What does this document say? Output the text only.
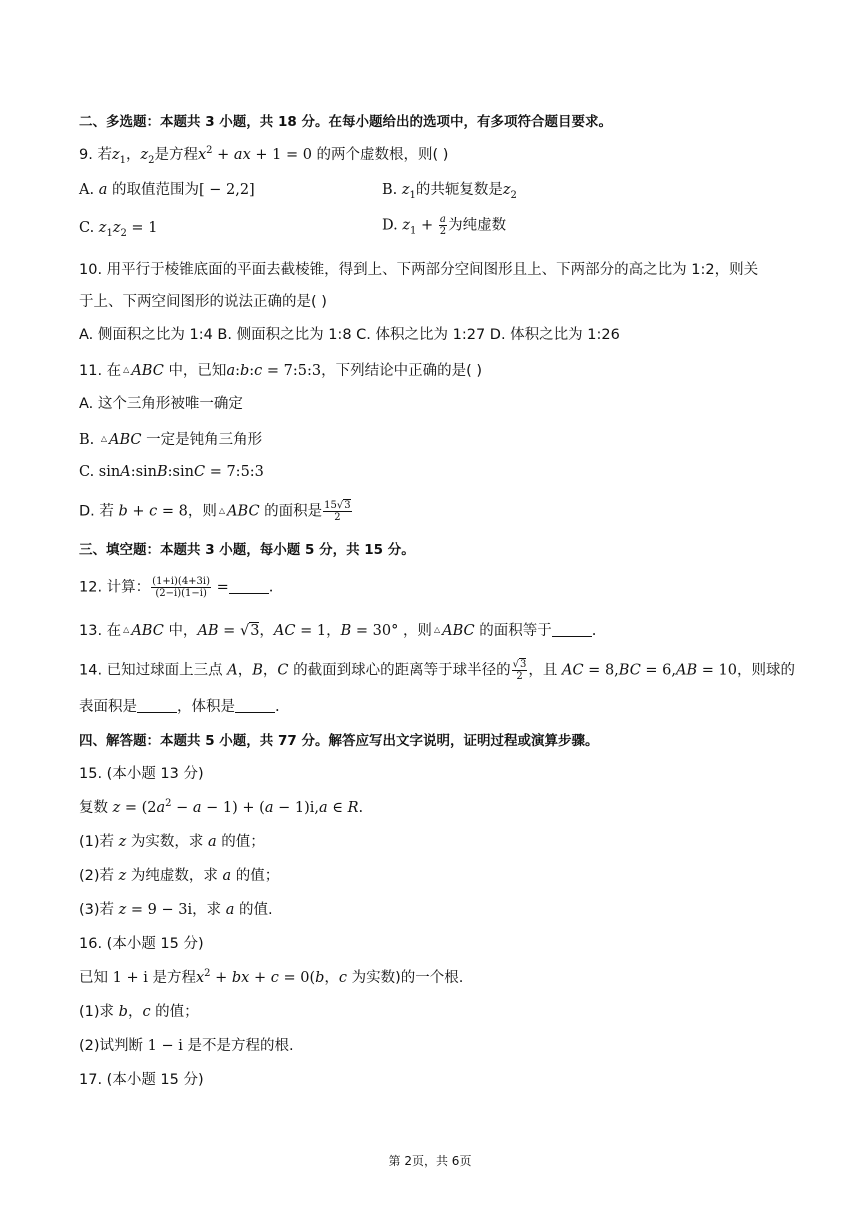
二、多选题：本题共 3 小题，共 18 分。在每小题给出的选项中，有多项符合题目要求。
9. 若$z_1$，$z_2$是方程$x^2$ + ax + 1 = 0 的两个虚数根，则( )
A. a 的取值范围为[ − 2,2]	B. $z_1$的共轭复数是$z_2$
C. $z_1z_2 = 1$	D. $z_1 + \frac{a}{2}$ 为纯虚数
10. 用平行于棱锥底面的平面去截棱锥，得到上、下两部分空间图形且上、下两部分的高之比为 1:2，则关
于上、下两空间图形的说法正确的是( )
A. 侧面积之比为 1:4 B. 侧面积之比为 1:8 C. 体积之比为 1:27 D. 体积之比为 1:26
11. 在 △ ABC 中，已知a:b:c = 7:5:3，下列结论中正确的是( )
A. 这个三角形被唯一确定
B. △ ABC 一定是钝角三角形
C. sinA:sinB:sinC = 7:5:3
D. 若 b + c = 8，则 △ ABC 的面积是 $\frac{15√3}{2}$
三、填空题：本题共 3 小题，每小题 5 分，共 15 分。
12. 计算： $\frac{(1+i)(4+3i)}{(2-i)(1-i)}$ =	.
13. 在 △ ABC 中，AB = √3，AC = 1，B = 30° ，则 △ ABC 的面积等于	.
14. 已知过球面上三点 A，B，C 的截面到球心的距离等于球半径的 $\frac{√3}{2}$ ，且 AC = 8,BC = 6,AB = 10，则球的
表面积是	，体积是	.
四、解答题：本题共 5 小题，共 77 分。解答应写出文字说明，证明过程或演算步骤。
15. (本小题 13 分)
复数 $z = (2a^2 - a - 1) + (a - 1)i,a$ ∈ R.
(1)若 z 为实数，求 a 的值；
(2)若 z 为纯虚数，求 a 的值；
(3)若 z = 9 − 3i，求 a 的值.
16. (本小题 15 分)
已知 1 + i 是方程$x^2$ + bx + c = 0(b，c 为实数)的一个根.
(1)求 b，c 的值；
(2)试判断 1 − i 是不是方程的根.
17. (本小题 15 分)
第 2页，共 6页
